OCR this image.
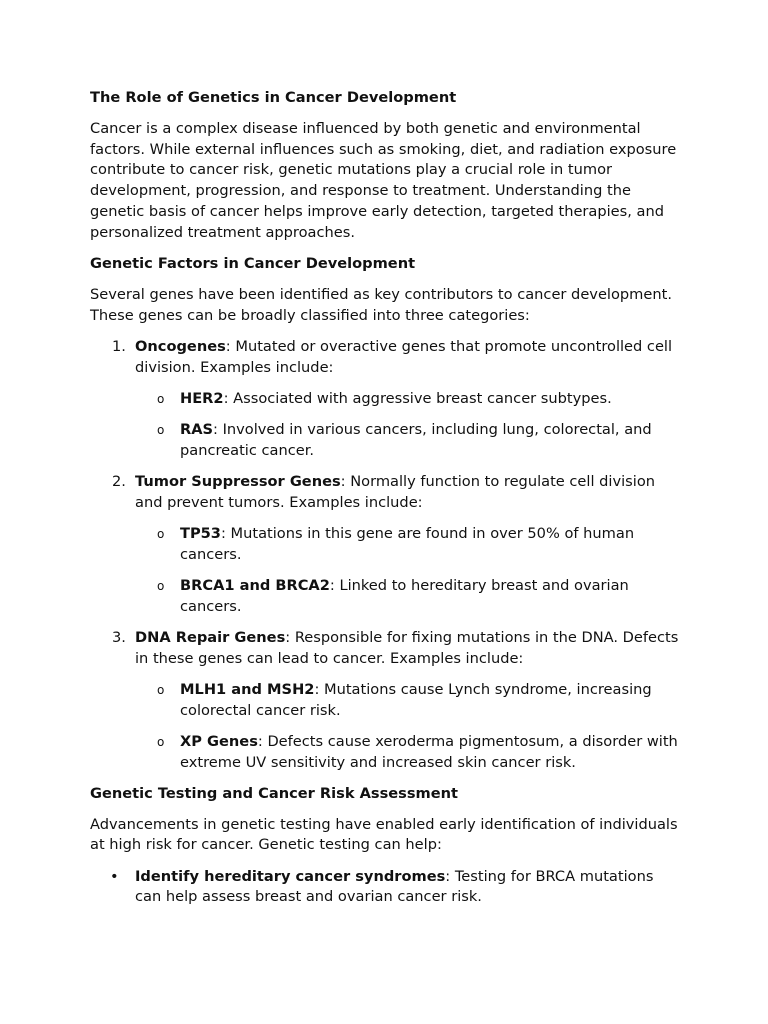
The Role of Genetics in Cancer Development

Cancer is a complex disease influenced by both genetic and environmental factors. While external influences such as smoking, diet, and radiation exposure contribute to cancer risk, genetic mutations play a crucial role in tumor development, progression, and response to treatment. Understanding the genetic basis of cancer helps improve early detection, targeted therapies, and personalized treatment approaches.

Genetic Factors in Cancer Development

Several genes have been identified as key contributors to cancer development. These genes can be broadly classified into three categories:

1. Oncogenes: Mutated or overactive genes that promote uncontrolled cell division. Examples include:
o HER2: Associated with aggressive breast cancer subtypes.
o RAS: Involved in various cancers, including lung, colorectal, and pancreatic cancer.
2. Tumor Suppressor Genes: Normally function to regulate cell division and prevent tumors. Examples include:
o TP53: Mutations in this gene are found in over 50% of human cancers.
o BRCA1 and BRCA2: Linked to hereditary breast and ovarian cancers.
3. DNA Repair Genes: Responsible for fixing mutations in the DNA. Defects in these genes can lead to cancer. Examples include:
o MLH1 and MSH2: Mutations cause Lynch syndrome, increasing colorectal cancer risk.
o XP Genes: Defects cause xeroderma pigmentosum, a disorder with extreme UV sensitivity and increased skin cancer risk.
Genetic Testing and Cancer Risk Assessment

Advancements in genetic testing have enabled early identification of individuals at high risk for cancer. Genetic testing can help:

• Identify hereditary cancer syndromes: Testing for BRCA mutations can help assess breast and ovarian cancer risk.
